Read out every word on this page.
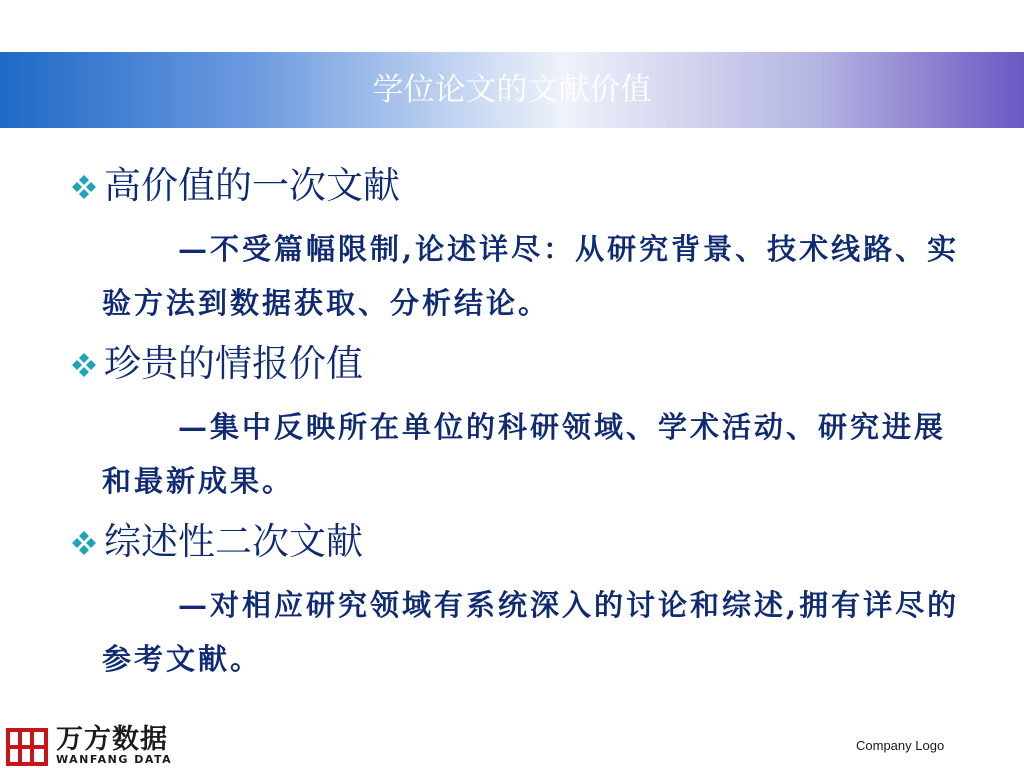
学位论文的文献价值

高价值的一次文献

—不受篇幅限制,论述详尽：从研究背景、技术线路、实验方法到数据获取、分析结论。

珍贵的情报价值

—集中反映所在单位的科研领域、学术活动、研究进展和最新成果。

综述性二次文献

—对相应研究领域有系统深入的讨论和综述,拥有详尽的参考文献。
万方数据
WANFANG DATA
Company Logo
